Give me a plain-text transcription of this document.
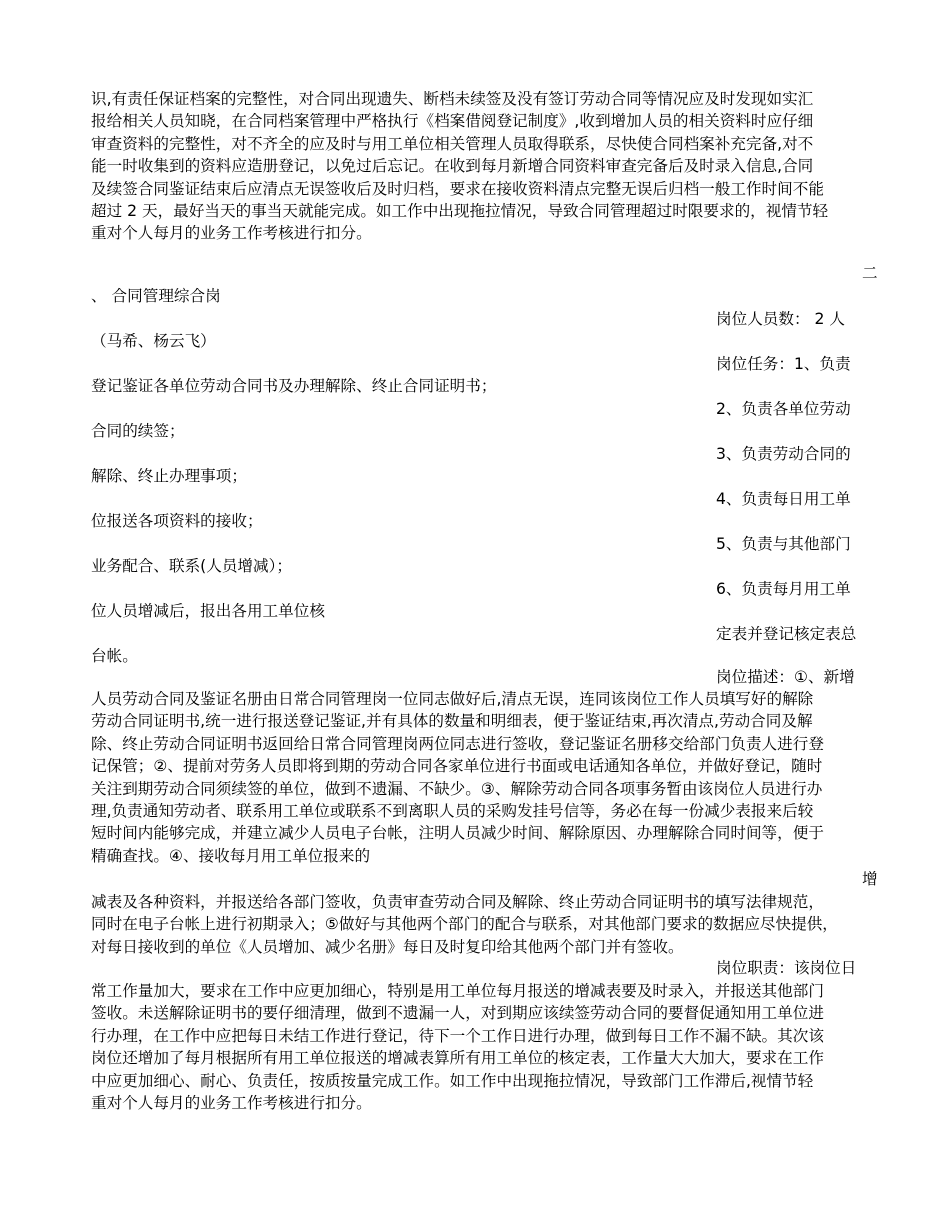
识,有责任保证档案的完整性，对合同出现遗失、断档未续签及没有签订劳动合同等情况应及时发现如实汇
报给相关人员知晓，在合同档案管理中严格执行《档案借阅登记制度》,收到增加人员的相关资料时应仔细
审查资料的完整性，对不齐全的应及时与用工单位相关管理人员取得联系，尽快使合同档案补充完备,对不
能一时收集到的资料应造册登记，以免过后忘记。在收到每月新增合同资料审查完备后及时录入信息,合同
及续签合同鉴证结束后应清点无误签收后及时归档，要求在接收资料清点完整无误后归档一般工作时间不能
超过 2 天，最好当天的事当天就能完成。如工作中出现拖拉情况，导致合同管理超过时限要求的，视情节轻
重对个人每月的业务工作考核进行扣分。
二
、 合同管理综合岗
岗位人员数： 2 人
（马希、杨云飞）
岗位任务：1、负责
登记鉴证各单位劳动合同书及办理解除、终止合同证明书；
2、负责各单位劳动
合同的续签；
3、负责劳动合同的
解除、终止办理事项；
4、负责每日用工单
位报送各项资料的接收；
5、负责与其他部门
业务配合、联系(人员增减）；
6、负责每月用工单
位人员增减后，报出各用工单位核
定表并登记核定表总
台帐。
岗位描述：①、新增
人员劳动合同及鉴证名册由日常合同管理岗一位同志做好后,清点无误，连同该岗位工作人员填写好的解除
劳动合同证明书,统一进行报送登记鉴证,并有具体的数量和明细表，便于鉴证结束,再次清点,劳动合同及解
除、终止劳动合同证明书返回给日常合同管理岗两位同志进行签收，登记鉴证名册移交给部门负责人进行登
记保管；②、提前对劳务人员即将到期的劳动合同各家单位进行书面或电话通知各单位，并做好登记，随时
关注到期劳动合同须续签的单位，做到不遗漏、不缺少。③、解除劳动合同各项事务暂由该岗位人员进行办
理,负责通知劳动者、联系用工单位或联系不到离职人员的采购发挂号信等，务必在每一份减少表报来后较
短时间内能够完成，并建立减少人员电子台帐，注明人员减少时间、解除原因、办理解除合同时间等，便于
精确查找。④、接收每月用工单位报来的
增
减表及各种资料，并报送给各部门签收，负责审查劳动合同及解除、终止劳动合同证明书的填写法律规范，
同时在电子台帐上进行初期录入；⑤做好与其他两个部门的配合与联系，对其他部门要求的数据应尽快提供，
对每日接收到的单位《人员增加、减少名册》每日及时复印给其他两个部门并有签收。
岗位职责：该岗位日
常工作量加大，要求在工作中应更加细心，特别是用工单位每月报送的增减表要及时录入，并报送其他部门
签收。未送解除证明书的要仔细清理，做到不遗漏一人，对到期应该续签劳动合同的要督促通知用工单位进
行办理，在工作中应把每日未结工作进行登记，待下一个工作日进行办理，做到每日工作不漏不缺。其次该
岗位还增加了每月根据所有用工单位报送的增减表算所有用工单位的核定表，工作量大大加大，要求在工作
中应更加细心、耐心、负责任，按质按量完成工作。如工作中出现拖拉情况，导致部门工作滞后,视情节轻
重对个人每月的业务工作考核进行扣分。
